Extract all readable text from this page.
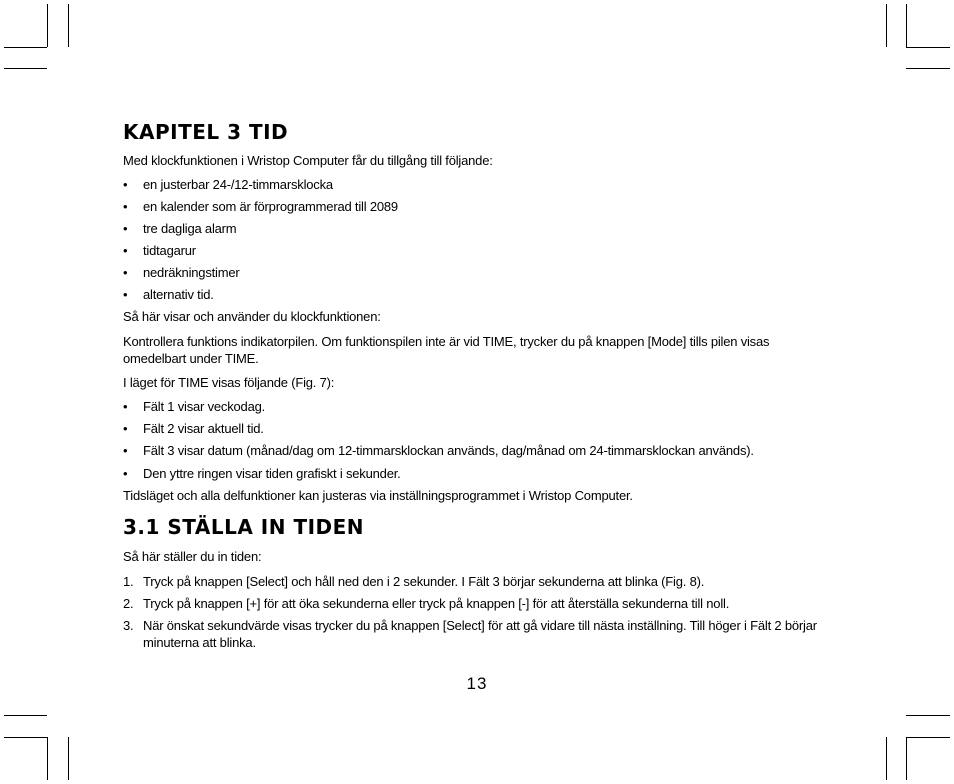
KAPITEL 3 TID

Med klockfunktionen i Wristop Computer får du tillgång till följande:

• en justerbar 24-/12-timmarsklocka
• en kalender som är förprogrammerad till 2089
• tre dagliga alarm
• tidtagarur
• nedräkningstimer
• alternativ tid.

Så här visar och använder du klockfunktionen:

Kontrollera funktions indikatorpilen. Om funktionspilen inte är vid TIME, trycker du på knappen [Mode] tills pilen visas omedelbart under TIME.

I läget för TIME visas följande (Fig. 7):

• Fält 1 visar veckodag.
• Fält 2 visar aktuell tid.
• Fält 3 visar datum (månad/dag om 12-timmarsklockan används, dag/månad om 24-timmarsklockan används).
• Den yttre ringen visar tiden grafiskt i sekunder.

Tidsläget och alla delfunktioner kan justeras via inställningsprogrammet i Wristop Computer.

3.1 STÄLLA IN TIDEN

Så här ställer du in tiden:

1. Tryck på knappen [Select] och håll ned den i 2 sekunder. I Fält 3 börjar sekunderna att blinka (Fig. 8).
2. Tryck på knappen [+] för att öka sekunderna eller tryck på knappen [-] för att återställa sekunderna till noll.
3. När önskat sekundvärde visas trycker du på knappen [Select] för att gå vidare till nästa inställning. Till höger i Fält 2 börjar minuterna att blinka.
13
